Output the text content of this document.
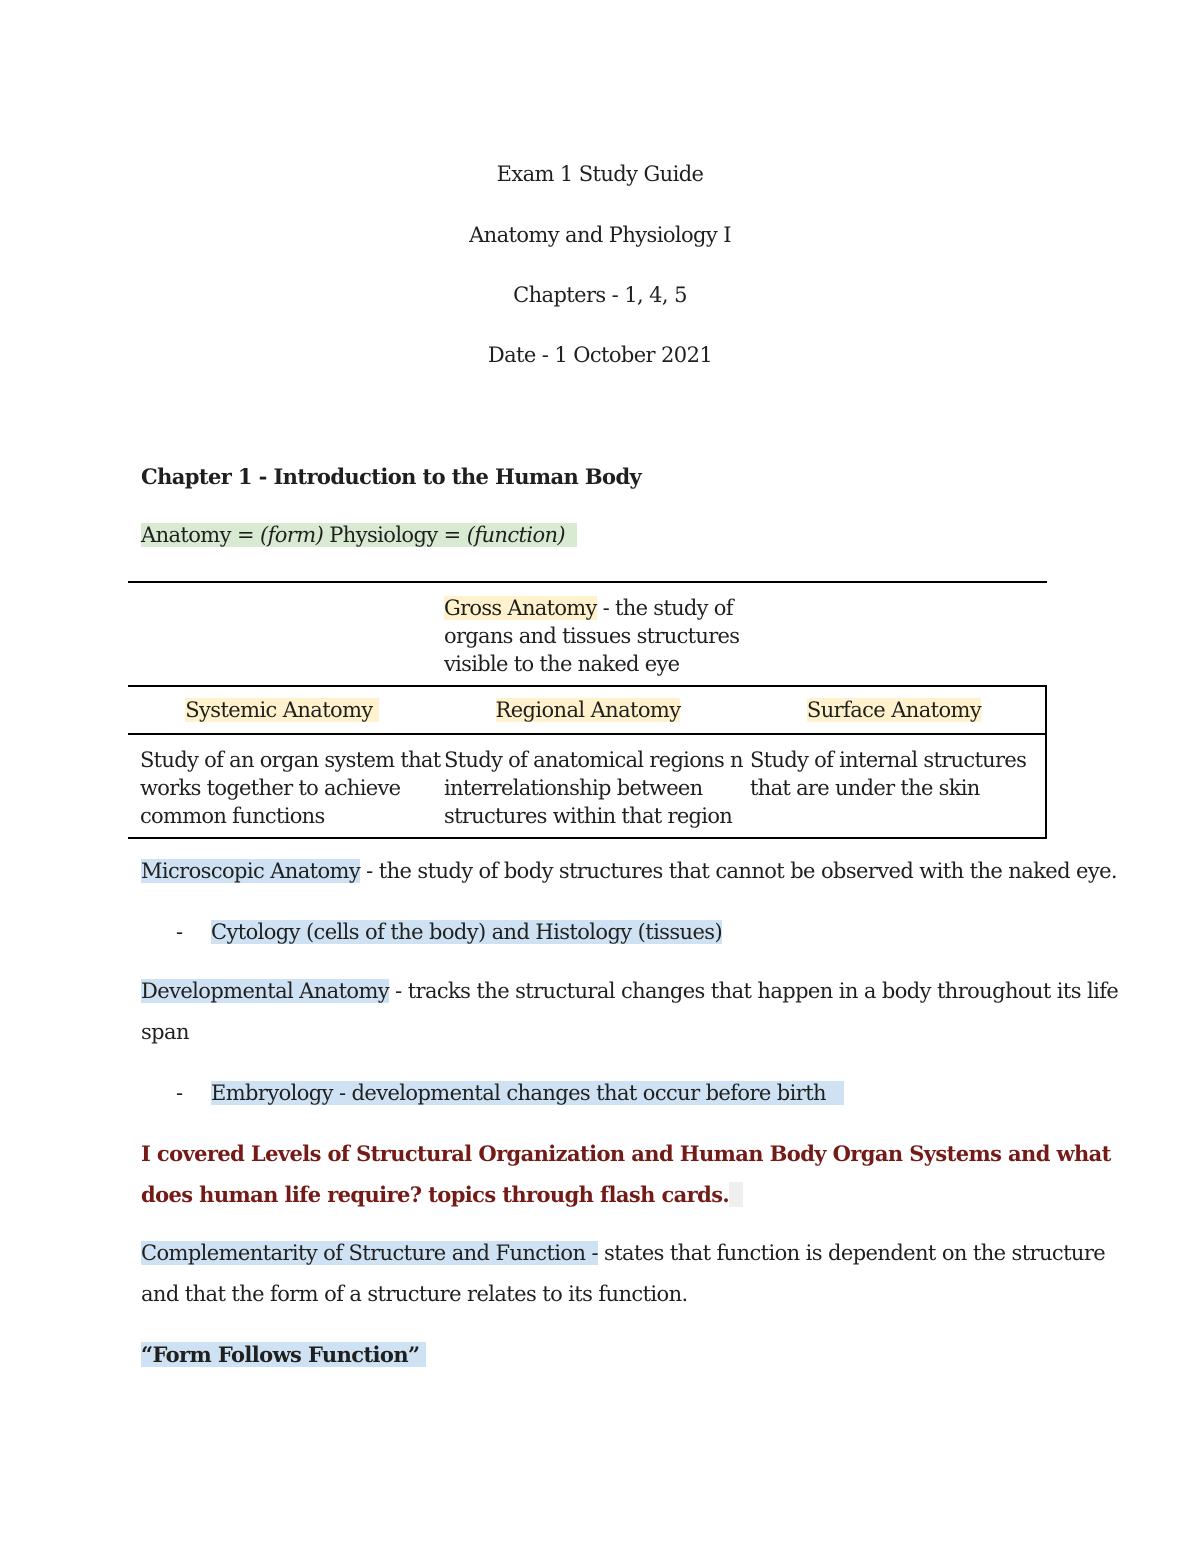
Exam 1 Study Guide
Anatomy and Physiology I
Chapters - 1, 4, 5
Date - 1 October 2021
Chapter 1 - Introduction to the Human Body
Anatomy = (form) Physiology = (function)
Gross Anatomy - the study of
organs and tissues structures
visible to the naked eye
Systemic Anatomy	Regional Anatomy	Surface Anatomy
Study of an organ system that
works together to achieve
common functions
Study of anatomical regions n
interrelationship between
structures within that region
Study of internal structures
that are under the skin
Microscopic Anatomy - the study of body structures that cannot be observed with the naked eye.
- Cytology (cells of the body) and Histology (tissues)
Developmental Anatomy - tracks the structural changes that happen in a body throughout its life
span
- Embryology - developmental changes that occur before birth
I covered Levels of Structural Organization and Human Body Organ Systems and what
does human life require? topics through flash cards.
Complementarity of Structure and Function - states that function is dependent on the structure
and that the form of a structure relates to its function.
“Form Follows Function”
